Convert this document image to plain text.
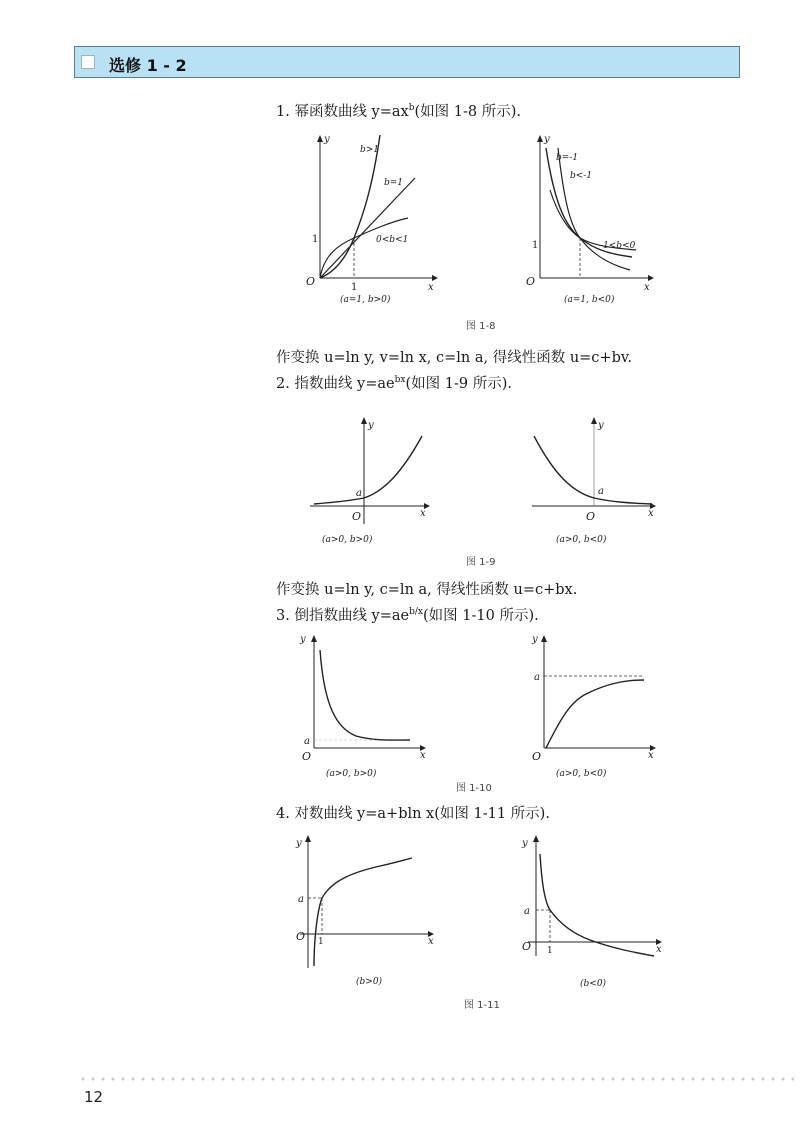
选修 1 - 2
1. 幂函数曲线 $y=ax^b$(如图 1-8 所示).
O
y
x
1
1
b>1
b=1
0<b<1
(a=1, b>0)
O
y
x
1
b=-1
b<-1
-1<b<0
(a=1, b<0)
图 1-8
作变换 u=ln y, v=ln x, c=ln a, 得线性函数 u=c+bv.
2. 指数曲线 $y=ae^{bx}$(如图 1-9 所示).
O
y
x
a
(a>0, b>0)
O
y
x
a
(a>0, b<0)
图 1-9
作变换 u=ln y, c=ln a, 得线性函数 u=c+bx.
3. 倒指数曲线 $y=ae^{b/x}$(如图 1-10 所示).
O
y
x
a
(a>0, b>0)
O
y
x
a
(a>0, b<0)
图 1-10
4. 对数曲线 y=a+bln x(如图 1-11 所示).
O
y
x
a
1
(b>0)
O
y
x
a
1
(b<0)
图 1-11
12
